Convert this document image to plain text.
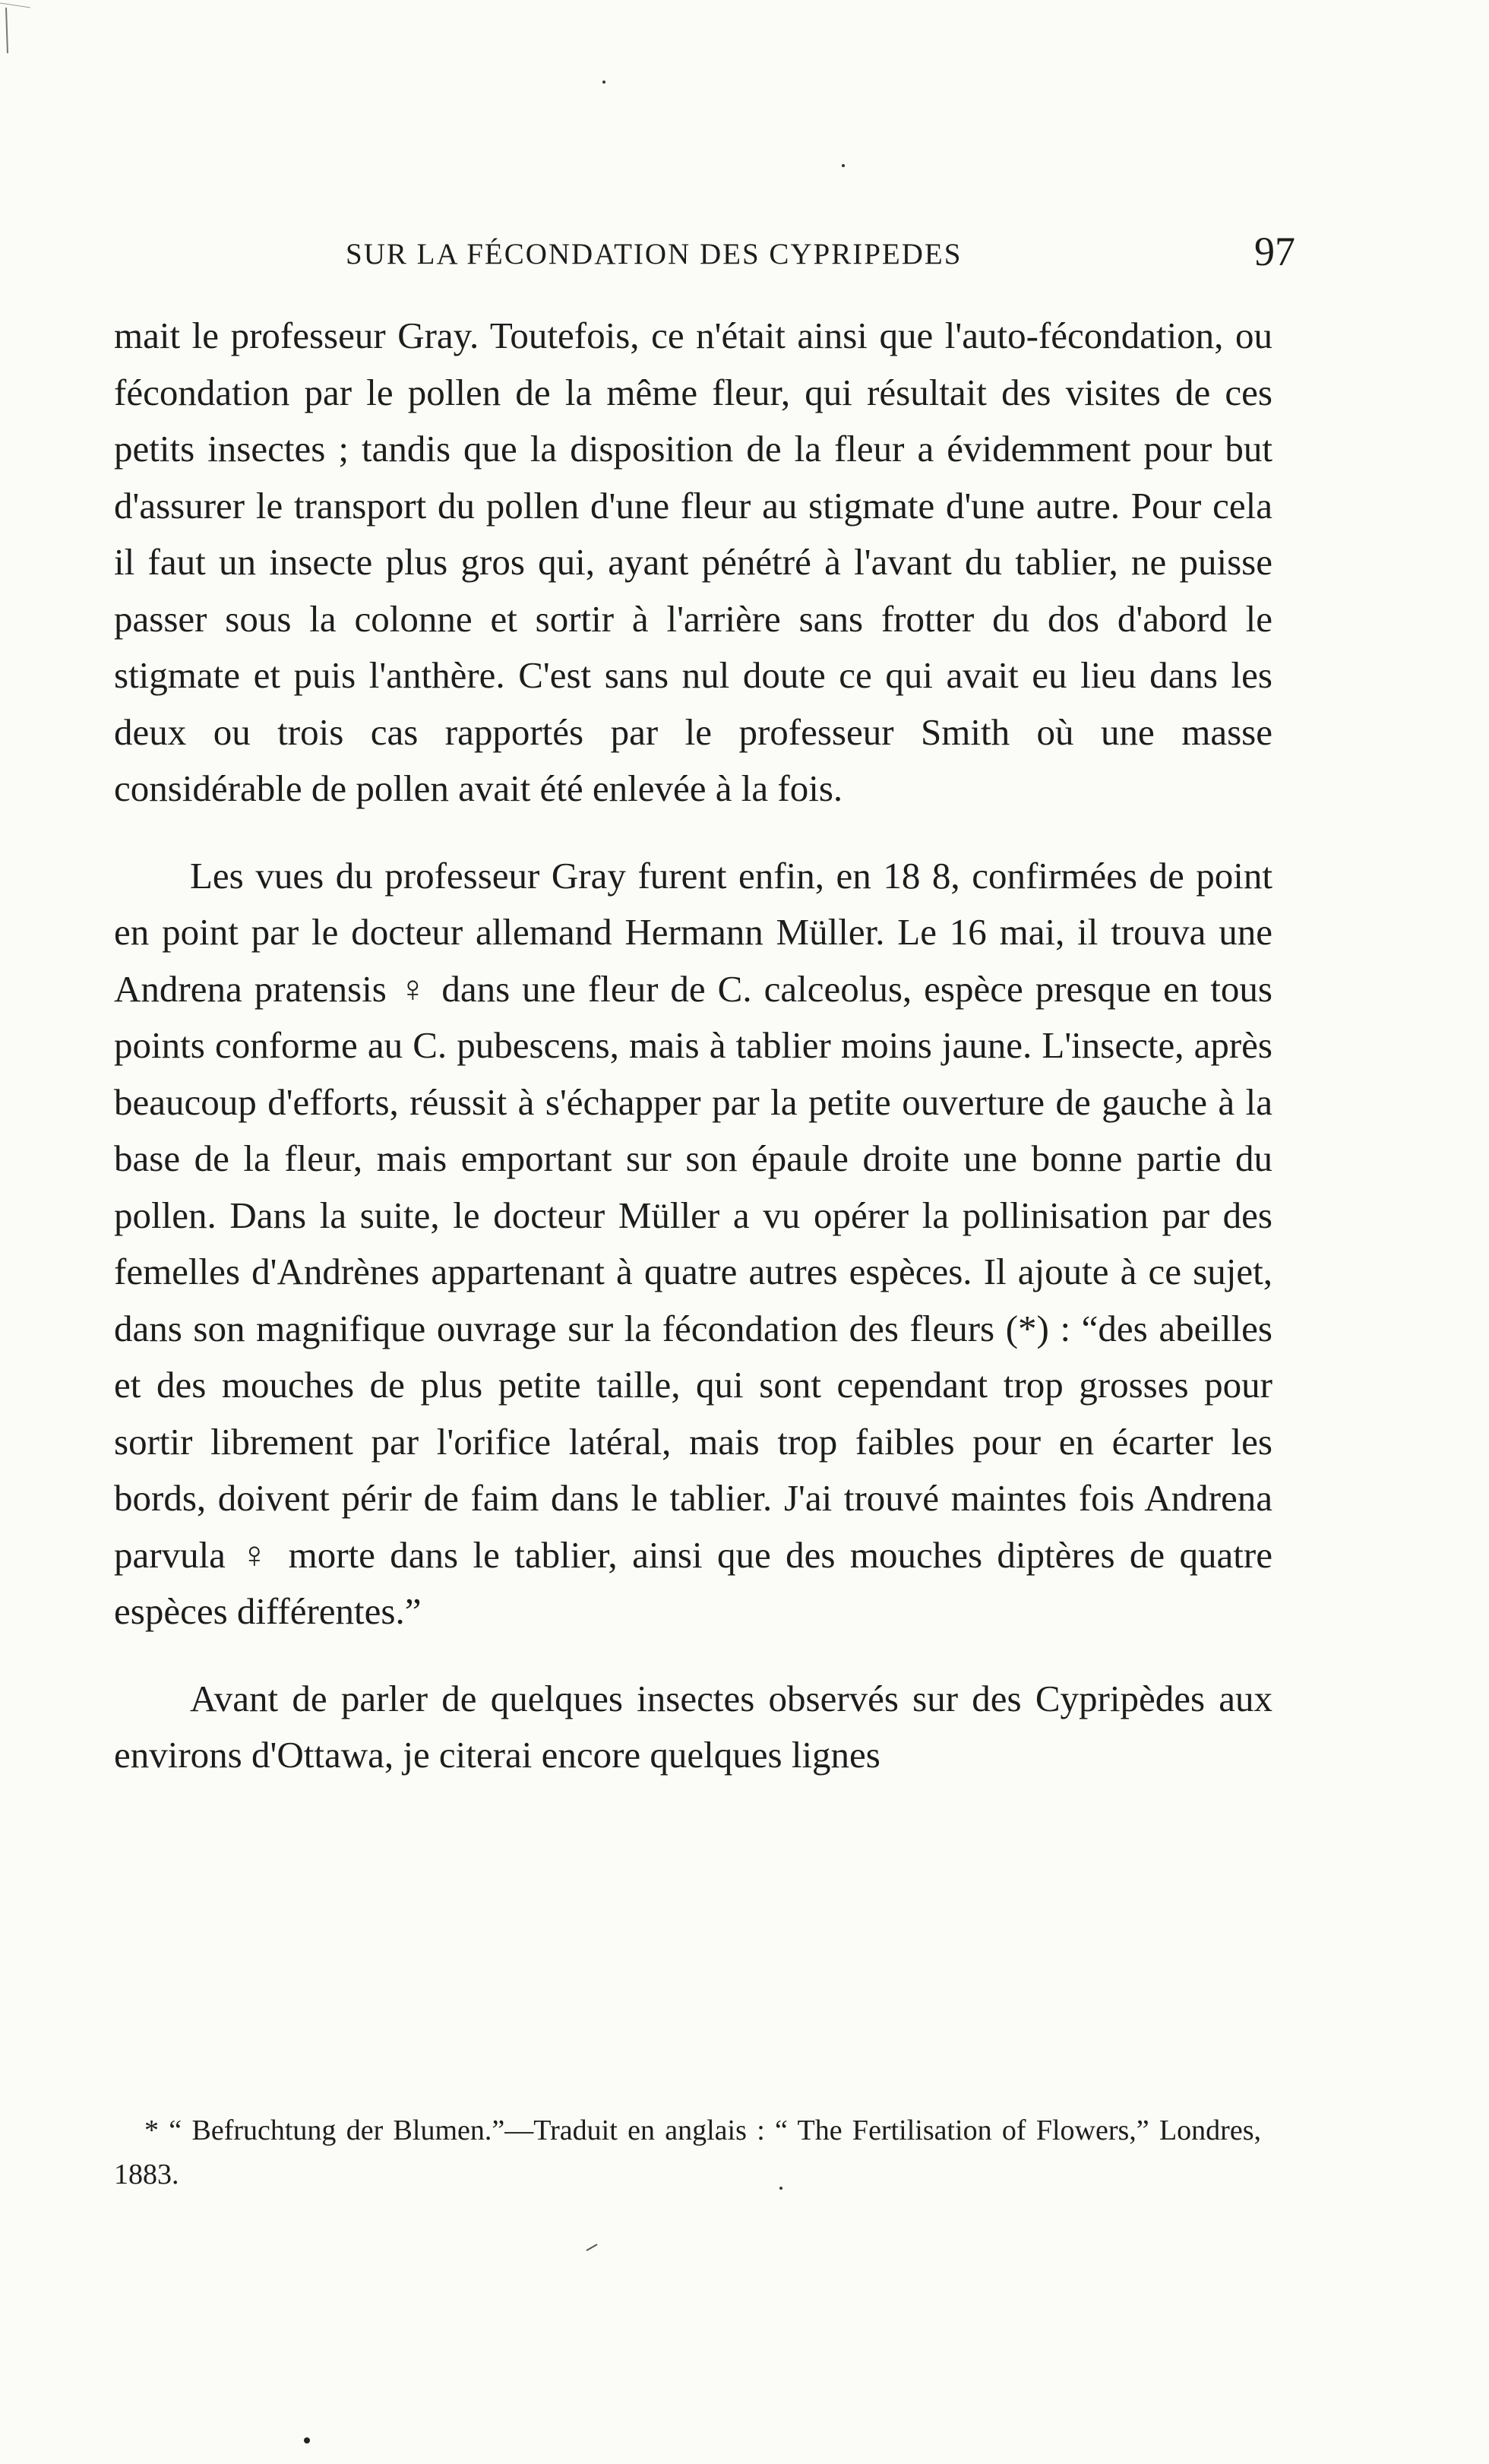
SUR LA FÉCONDATION DES CYPRIPEDES	97

mait le professeur Gray. Toutefois, ce n'était ainsi que l'auto-fécondation, ou fécondation par le pollen de la même fleur, qui résultait des visites de ces petits insectes ; tandis que la disposition de la fleur a évidemment pour but d'assurer le transport du pollen d'une fleur au stigmate d'une autre. Pour cela il faut un insecte plus gros qui, ayant pénétré à l'avant du tablier, ne puisse passer sous la colonne et sortir à l'arrière sans frotter du dos d'abord le stigmate et puis l'anthère. C'est sans nul doute ce qui avait eu lieu dans les deux ou trois cas rapportés par le professeur Smith où une masse considérable de pollen avait été enlevée à la fois.

Les vues du professeur Gray furent enfin, en 18 8, confirmées de point en point par le docteur allemand Hermann Müller. Le 16 mai, il trouva une Andrena pratensis ♀ dans une fleur de C. calceolus, espèce presque en tous points conforme au C. pubescens, mais à tablier moins jaune. L'insecte, après beaucoup d'efforts, réussit à s'échapper par la petite ouverture de gauche à la base de la fleur, mais emportant sur son épaule droite une bonne partie du pollen. Dans la suite, le docteur Müller a vu opérer la pollinisation par des femelles d'Andrènes appartenant à quatre autres espèces. Il ajoute à ce sujet, dans son magnifique ouvrage sur la fécondation des fleurs (*) : “des abeilles et des mouches de plus petite taille, qui sont cependant trop grosses pour sortir librement par l'orifice latéral, mais trop faibles pour en écarter les bords, doivent périr de faim dans le tablier. J'ai trouvé maintes fois Andrena parvula ♀ morte dans le tablier, ainsi que des mouches diptères de quatre espèces différentes.”

Avant de parler de quelques insectes observés sur des Cypripèdes aux environs d'Ottawa, je citerai encore quelques lignes

* “ Befruchtung der Blumen.”—Traduit en anglais : “ The Fertilisation of Flowers,” Londres, 1883.
